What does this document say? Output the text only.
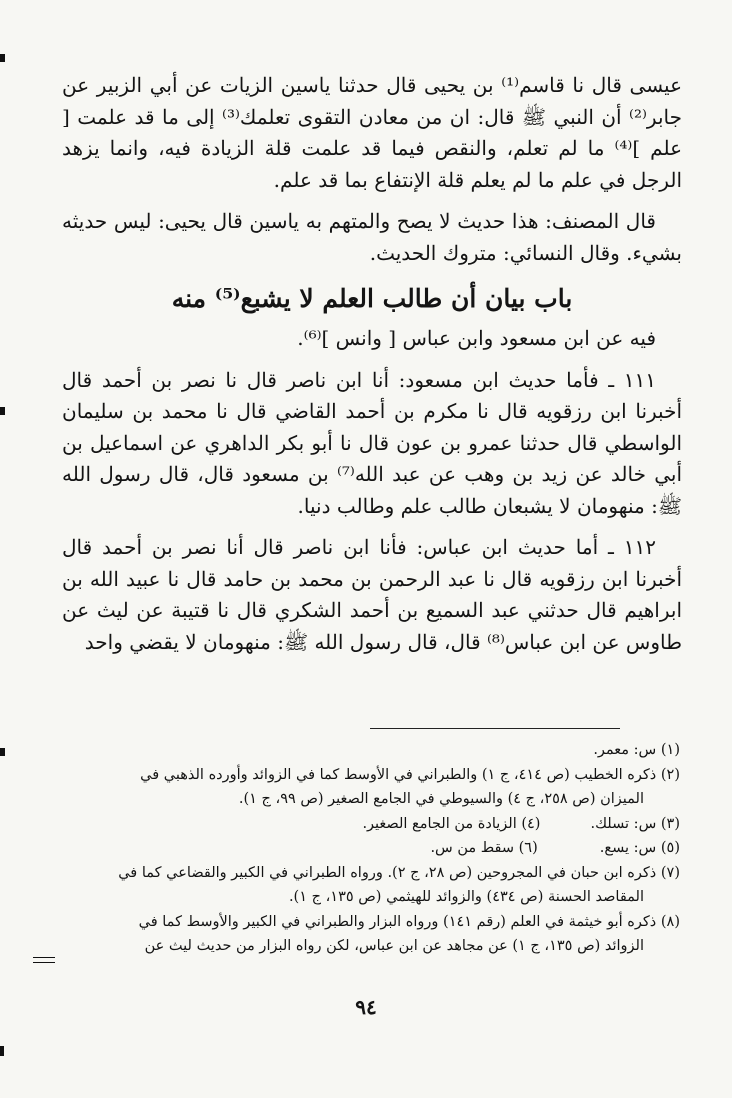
عيسى قال نا قاسم⁽¹⁾ بن يحيى قال حدثنا ياسين الزيات عن أبي الزبير عن جابر⁽²⁾ أن النبي ﷺ قال: ان من معادن التقوى تعلمك⁽³⁾ إلى ما قد علمت [ علم ]⁽⁴⁾ ما لم تعلم، والنقص فيما قد علمت قلة الزيادة فيه، وانما يزهد الرجل في علم ما لم يعلم قلة الإنتفاع بما قد علم.

قال المصنف: هذا حديث لا يصح والمتهم به ياسين قال يحيى: ليس حديثه بشيء. وقال النسائي: متروك الحديث.

باب بيان أن طالب العلم لا يشبع⁽⁵⁾ منه

فيه عن ابن مسعود وابن عباس [ وانس ]⁽⁶⁾.

١١١ ـ فأما حديث ابن مسعود: أنا ابن ناصر قال نا نصر بن أحمد قال أخبرنا ابن رزقويه قال نا مكرم بن أحمد القاضي قال نا محمد بن سليمان الواسطي قال حدثنا عمرو بن عون قال نا أبو بكر الداهري عن اسماعيل بن أبي خالد عن زيد بن وهب عن عبد الله⁽⁷⁾ بن مسعود قال، قال رسول الله ﷺ: منهومان لا يشبعان طالب علم وطالب دنيا.

١١٢ ـ أما حديث ابن عباس: فأنا ابن ناصر قال أنا نصر بن أحمد قال أخبرنا ابن رزقويه قال نا عبد الرحمن بن محمد بن حامد قال نا عبيد الله بن ابراهيم قال حدثني عبد السميع بن أحمد الشكري قال نا قتيبة عن ليث عن طاوس عن ابن عباس⁽⁸⁾ قال، قال رسول الله ﷺ: منهومان لا يقضي واحد

(١) س: معمر.
(٢) ذكره الخطيب (ص ٤١٤، ج ١) والطبراني في الأوسط كما في الزوائد وأورده الذهبي في
الميزان (ص ٢٥٨، ج ٤) والسيوطي في الجامع الصغير (ص ٩٩، ج ١).
(٣) س: تسلك.(٤) الزيادة من الجامع الصغير.
(٥) س: يسع.(٦) سقط من س.
(٧) ذكره ابن حبان في المجروحين (ص ٢٨، ج ٢). ورواه الطبراني في الكبير والقضاعي كما في
المقاصد الحسنة (ص ٤٣٤) والزوائد للهيثمي (ص ١٣٥، ج ١).
(٨) ذكره أبو خيثمة في العلم (رقم ١٤١) ورواه البزار والطبراني في الكبير والأوسط كما في
الزوائد (ص ١٣٥، ج ١) عن مجاهد عن ابن عباس، لكن رواه البزار من حديث ليث عن
٩٤
